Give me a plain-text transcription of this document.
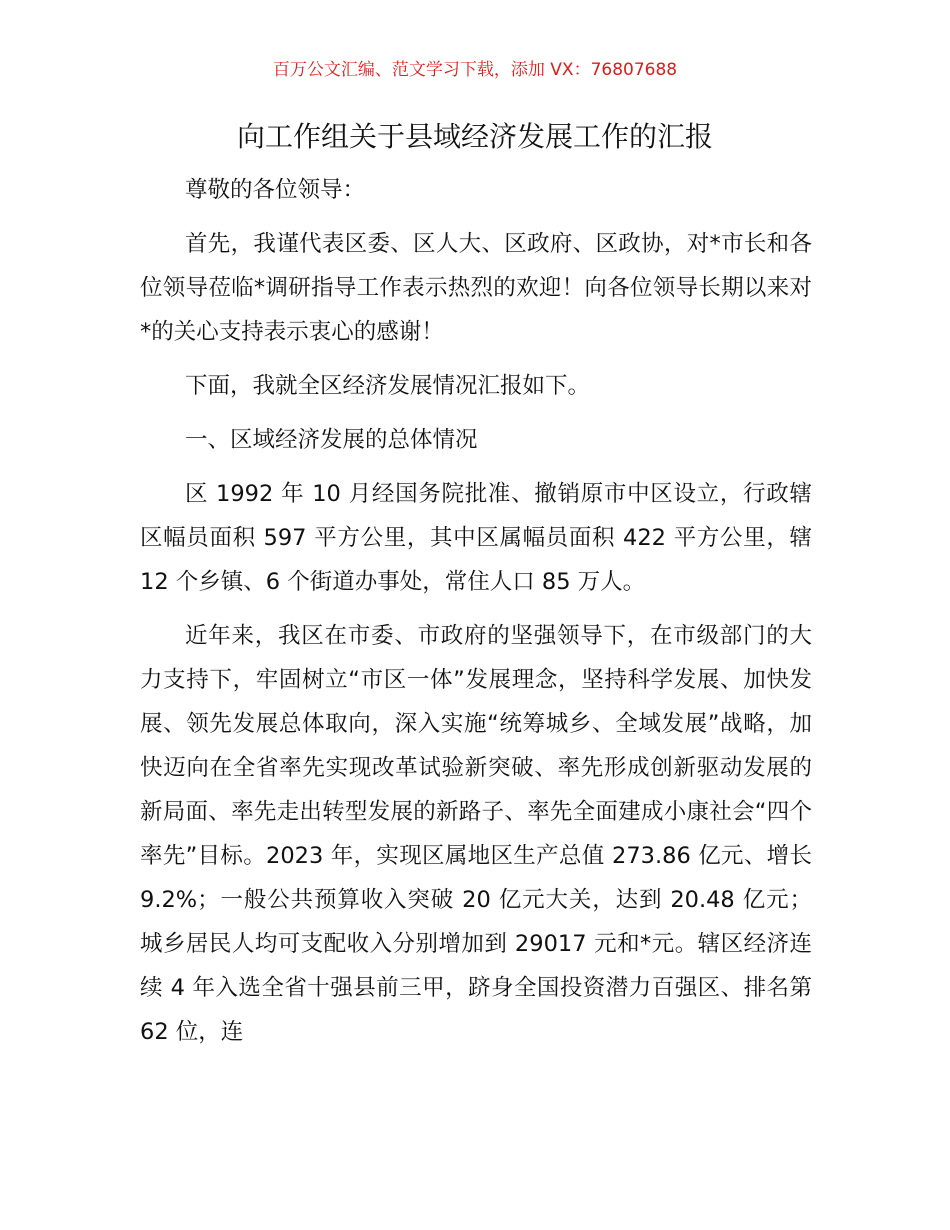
百万公文汇编、范文学习下载，添加 VX：76807688
向工作组关于县域经济发展工作的汇报

尊敬的各位领导：

首先，我谨代表区委、区人大、区政府、区政协，对*市长和各位领导莅临*调研指导工作表示热烈的欢迎！向各位领导长期以来对*的关心支持表示衷心的感谢！

下面，我就全区经济发展情况汇报如下。

一、区域经济发展的总体情况

区 1992 年 10 月经国务院批准、撤销原市中区设立，行政辖区幅员面积 597 平方公里，其中区属幅员面积 422 平方公里，辖 12 个乡镇、6 个街道办事处，常住人口 85 万人。

近年来，我区在市委、市政府的坚强领导下，在市级部门的大力支持下，牢固树立“市区一体”发展理念，坚持科学发展、加快发展、领先发展总体取向，深入实施“统筹城乡、全域发展”战略，加快迈向在全省率先实现改革试验新突破、率先形成创新驱动发展的新局面、率先走出转型发展的新路子、率先全面建成小康社会“四个率先”目标。2023 年，实现区属地区生产总值 273.86 亿元、增长 9.2%；一般公共预算收入突破 20 亿元大关，达到 20.48 亿元；城乡居民人均可支配收入分别增加到 29017 元和*元。辖区经济连续 4 年入选全省十强县前三甲，跻身全国投资潜力百强区、排名第 62 位，连
